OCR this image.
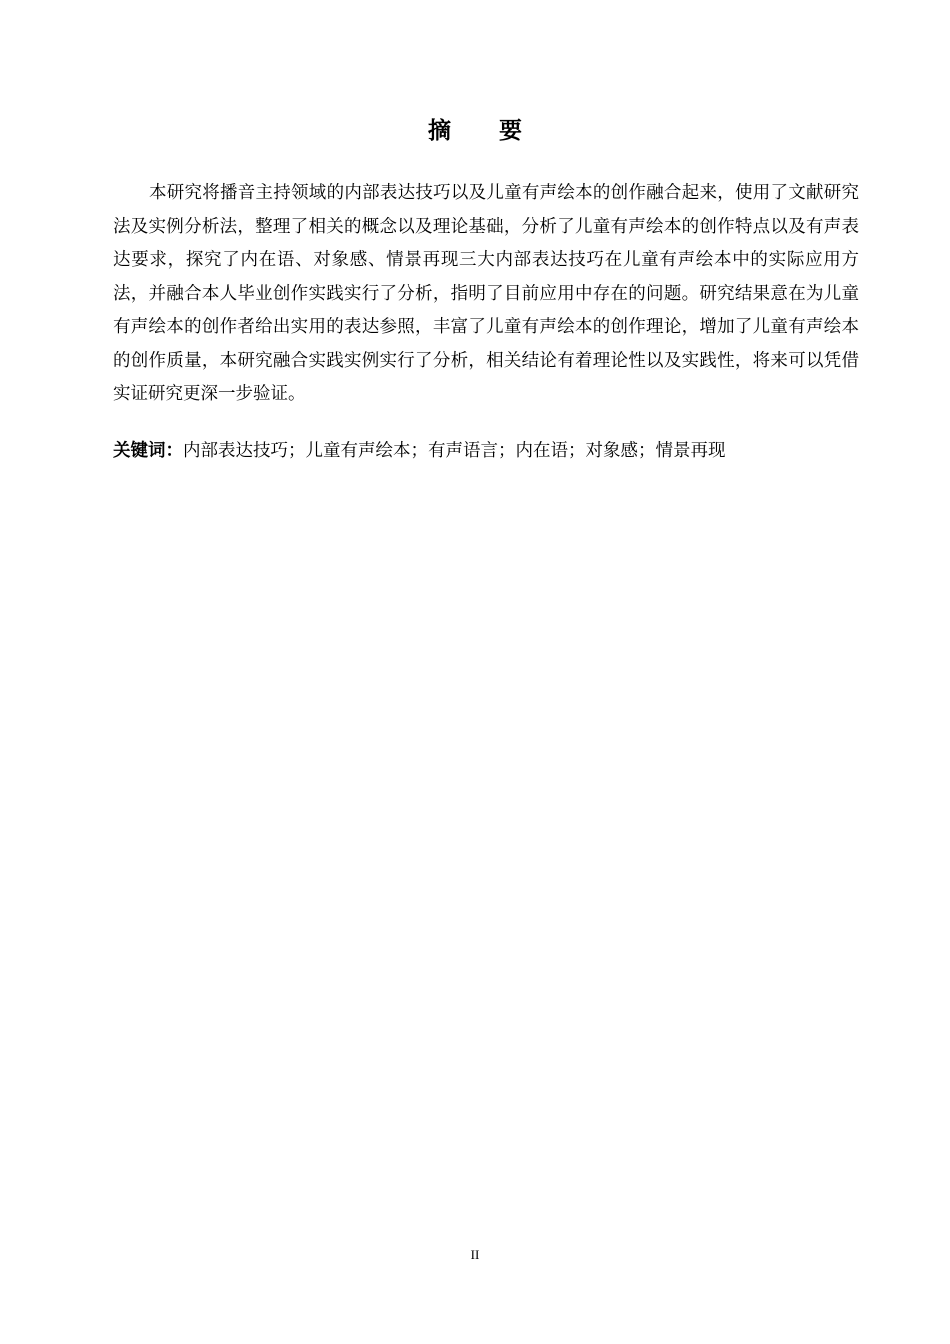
摘 要

本研究将播音主持领域的内部表达技巧以及儿童有声绘本的创作融合起来，使用了文献研究法及实例分析法，整理了相关的概念以及理论基础，分析了儿童有声绘本的创作特点以及有声表达要求，探究了内在语、对象感、情景再现三大内部表达技巧在儿童有声绘本中的实际应用方法，并融合本人毕业创作实践实行了分析，指明了目前应用中存在的问题。研究结果意在为儿童有声绘本的创作者给出实用的表达参照，丰富了儿童有声绘本的创作理论，增加了儿童有声绘本的创作质量，本研究融合实践实例实行了分析，相关结论有着理论性以及实践性，将来可以凭借实证研究更深一步验证。

关键词：内部表达技巧；儿童有声绘本；有声语言；内在语；对象感；情景再现

II
